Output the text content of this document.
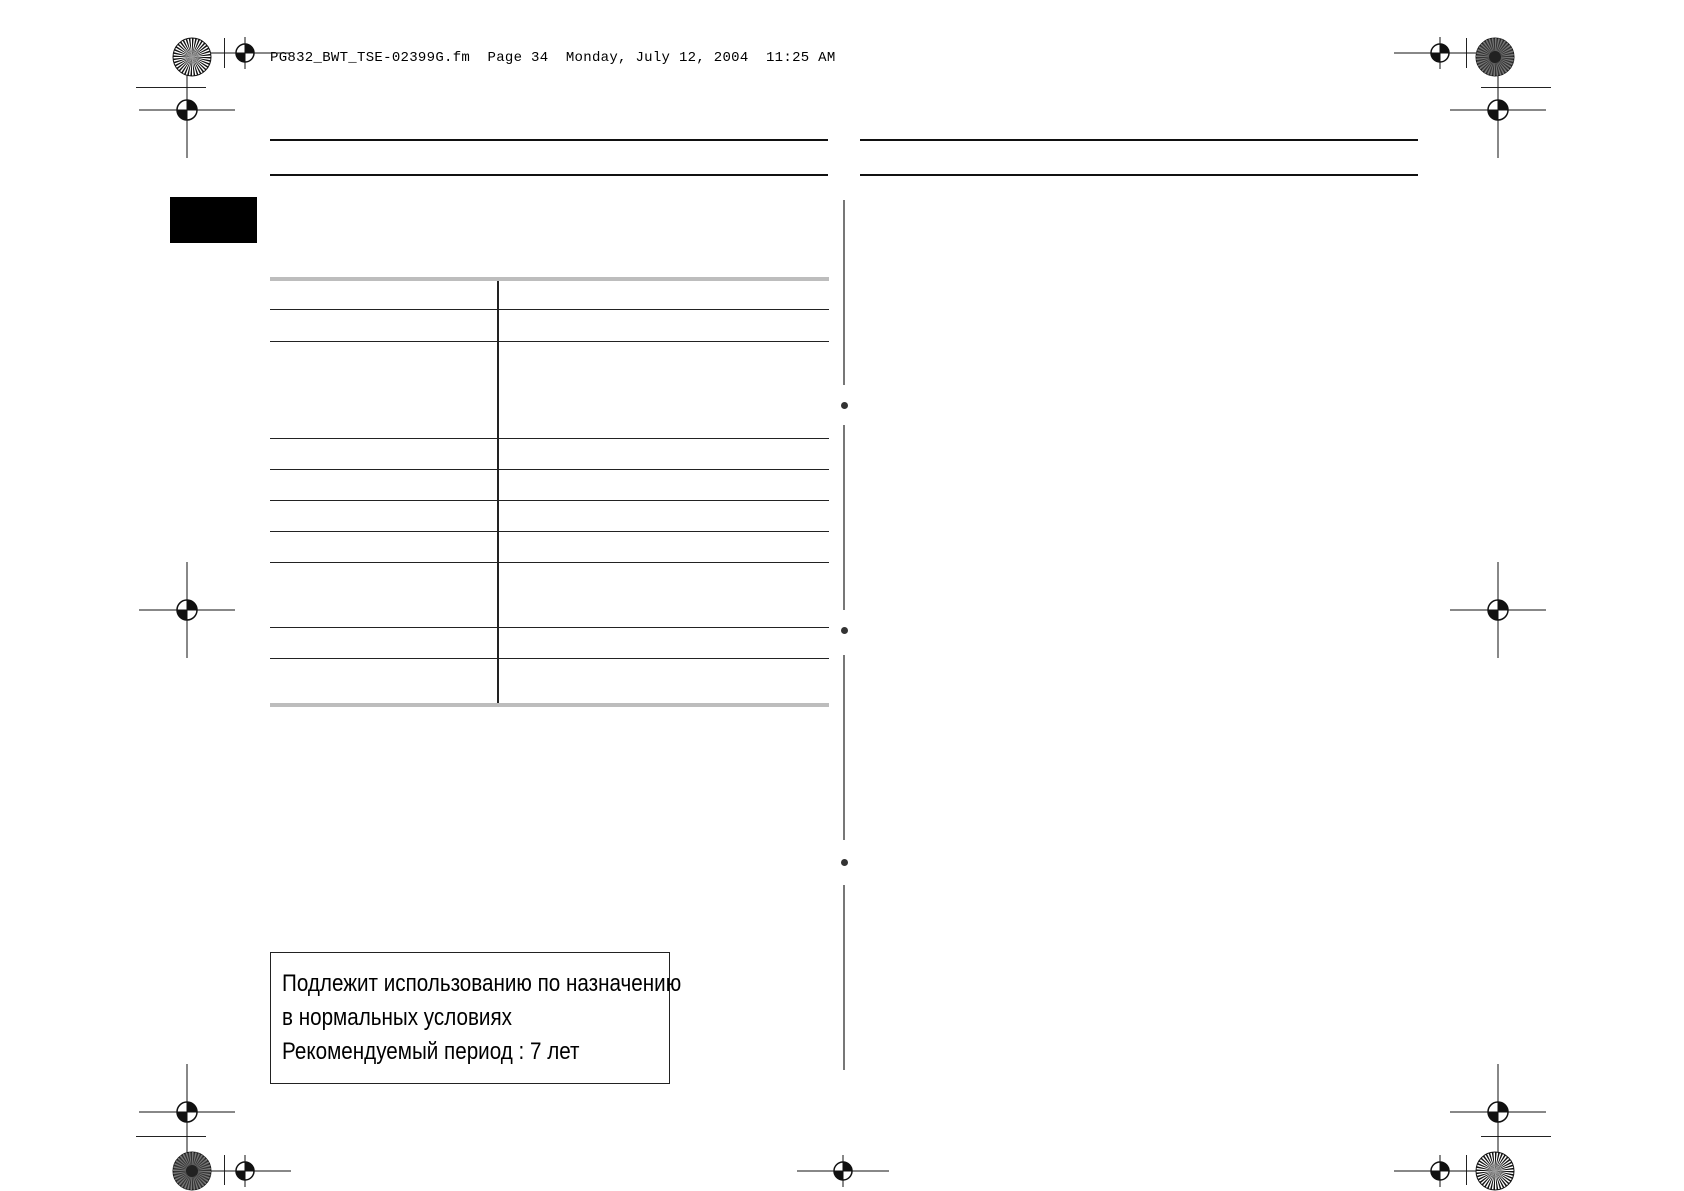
PG832_BWT_TSE-02399G.fm  Page 34  Monday, July 12, 2004  11:25 AM
Подлежит использованию по назначению
в нормальных условиях
Рекомендуемый период : 7 лет
